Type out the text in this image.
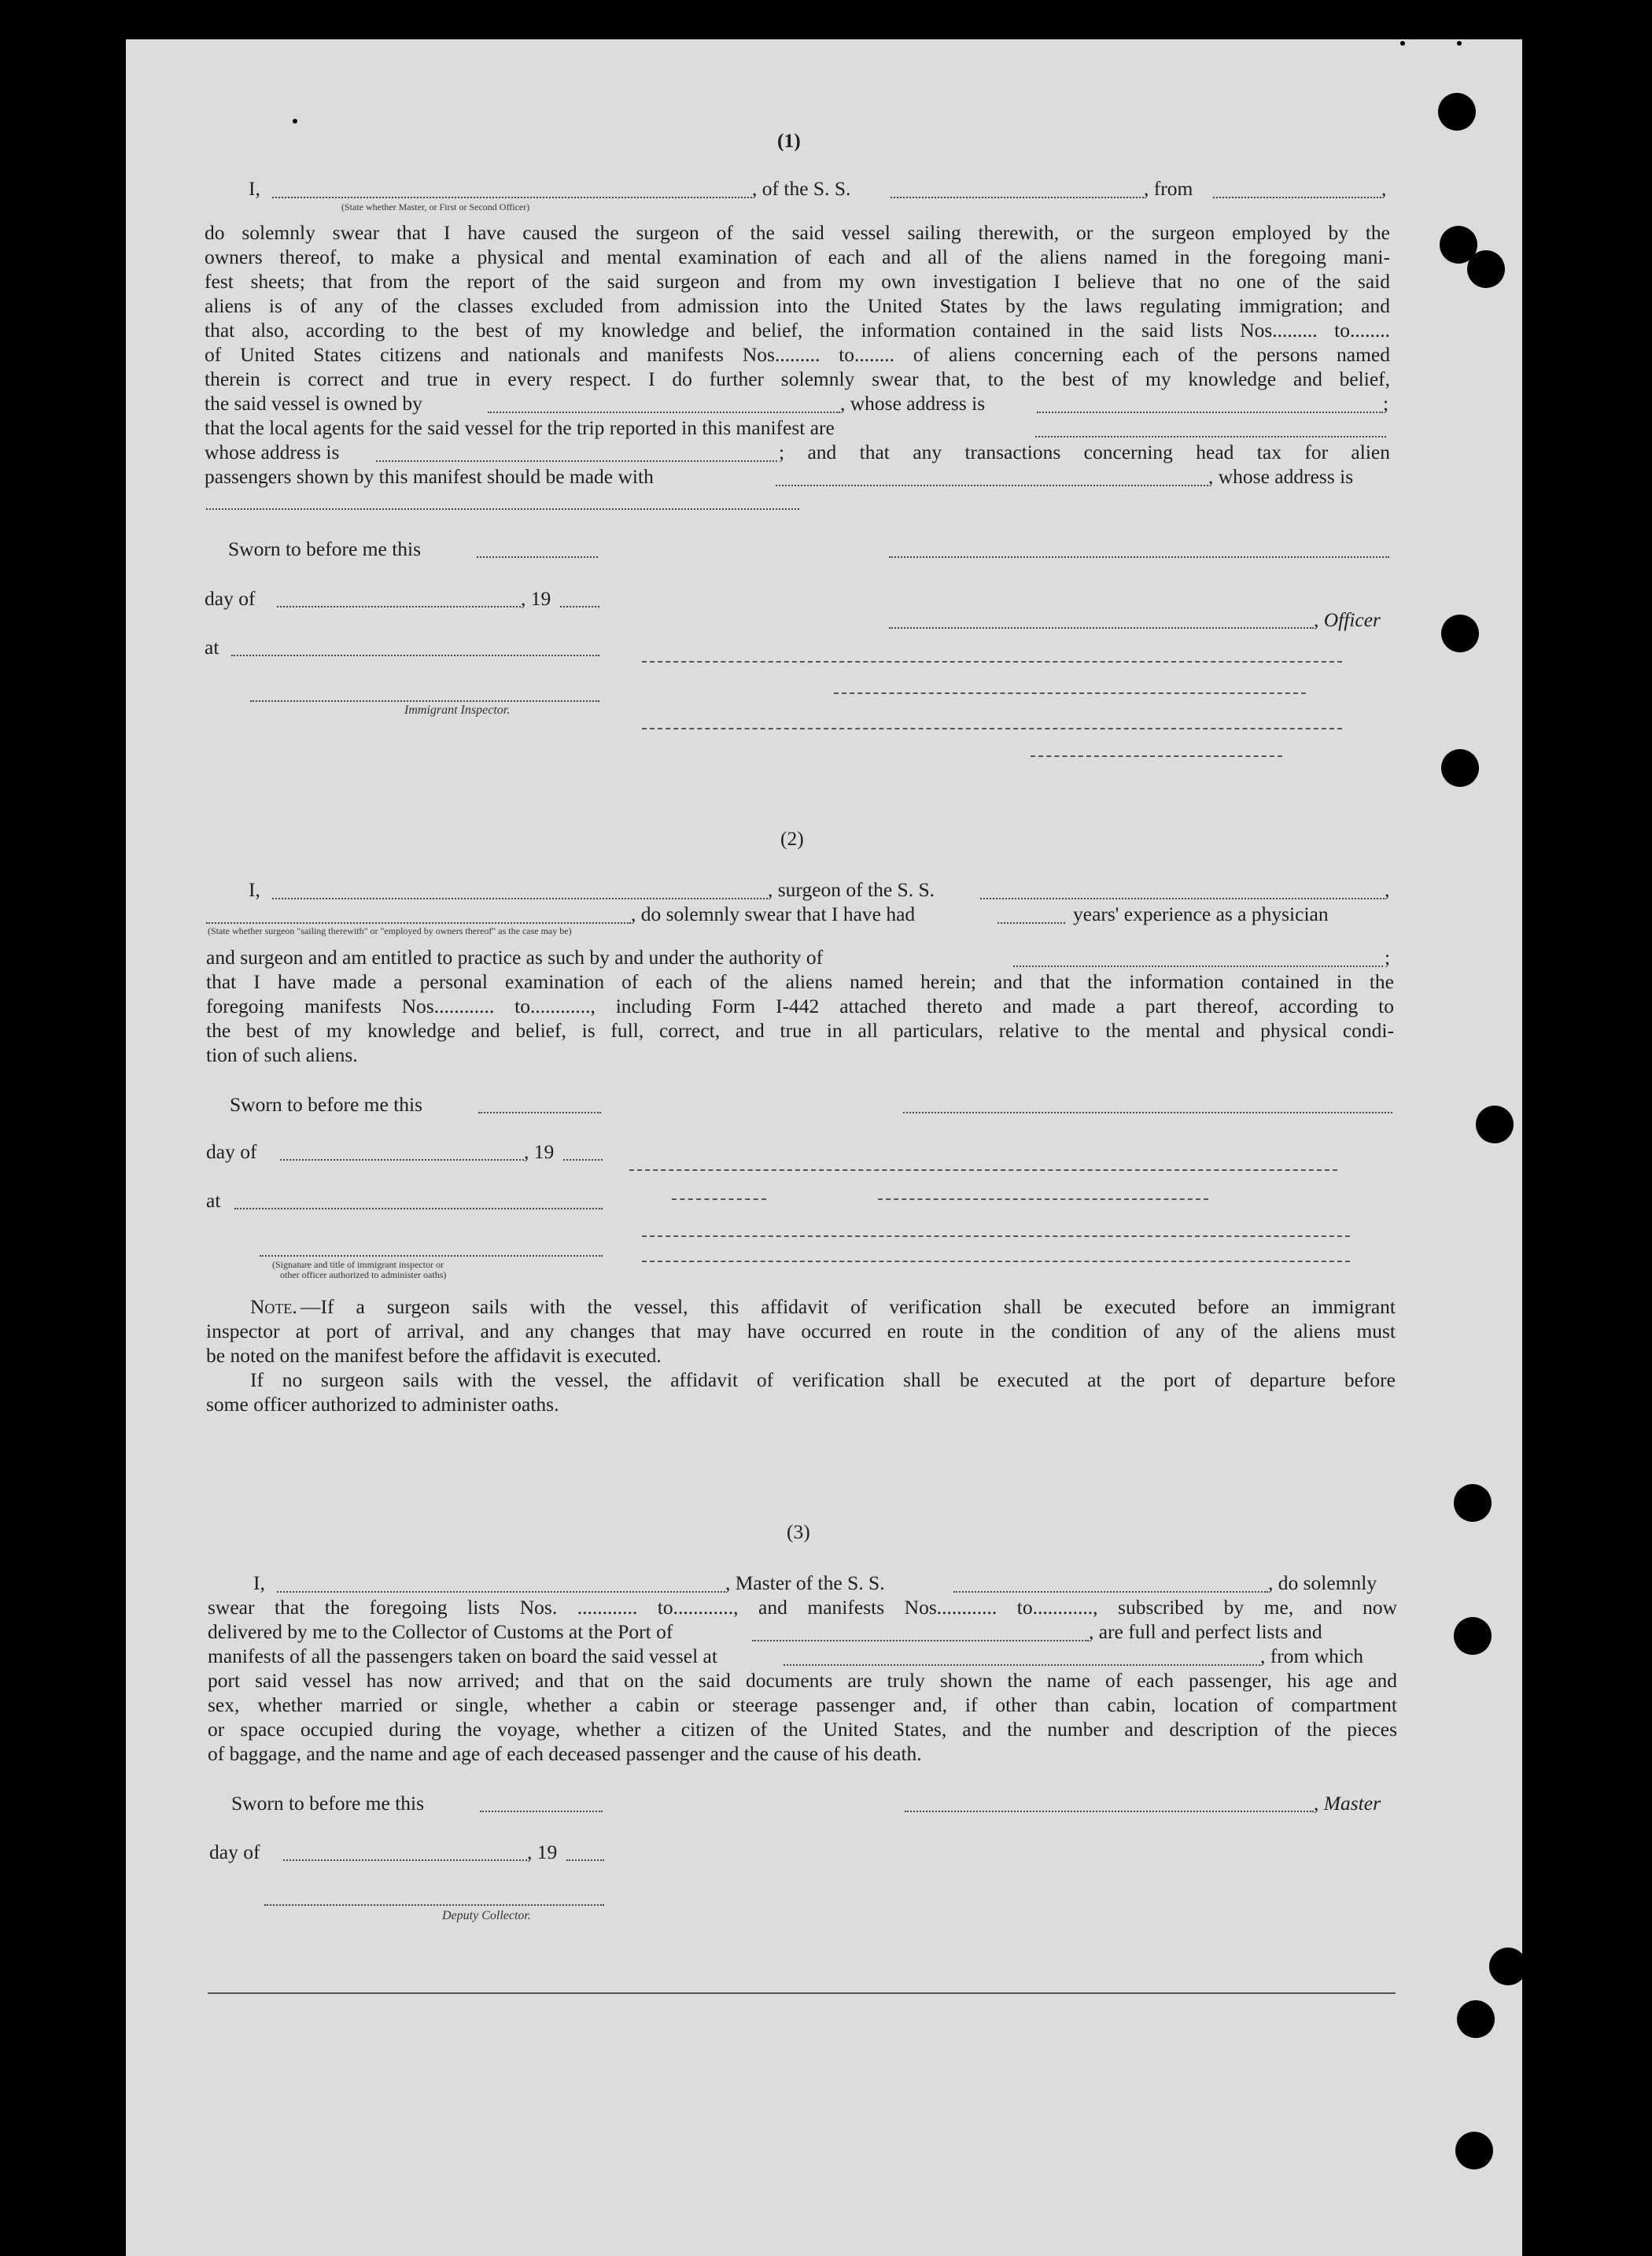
(1)
I,	, of the S. S.	, from	,
(State whether Master, or First or Second Officer)
do solemnly swear that I have caused the surgeon of the said vessel sailing therewith, or the surgeon employed by the
owners thereof, to make a physical and mental examination of each and all of the aliens named in the foregoing mani-
fest sheets; that from the report of the said surgeon and from my own investigation I believe that no one of the said
aliens is of any of the classes excluded from admission into the United States by the laws regulating immigration; and
that also, according to the best of my knowledge and belief, the information contained in the said lists Nos......... to........
of United States citizens and nationals and manifests Nos......... to........ of aliens concerning each of the persons named
therein is correct and true in every respect. I do further solemnly swear that, to the best of my knowledge and belief,
the said vessel is owned by	, whose address is	;
that the local agents for the said vessel for the trip reported in this manifest are
whose address is	; and that any transactions concerning head tax for alien
passengers shown by this manifest should be made with	, whose address is
Sworn to before me this
day of	, 19
, Officer
at
Immigrant Inspector.
(2)
I,	, surgeon of the S. S.	,
, do solemnly swear that I have had	years' experience as a physician
(State whether surgeon "sailing therewith" or "employed by owners thereof" as the case may be)
and surgeon and am entitled to practice as such by and under the authority of	;
that I have made a personal examination of each of the aliens named herein; and that the information contained in the
foregoing manifests Nos............ to............, including Form I-442 attached thereto and made a part thereof, according to
the best of my knowledge and belief, is full, correct, and true in all particulars, relative to the mental and physical condi-
tion of such aliens.
Sworn to before me this
day of	, 19
at
(Signature and title of immigrant inspector or
other officer authorized to administer oaths)
Note. —If a surgeon sails with the vessel, this affidavit of verification shall be executed before an immigrant
inspector at port of arrival, and any changes that may have occurred en route in the condition of any of the aliens must
be noted on the manifest before the affidavit is executed.
If no surgeon sails with the vessel, the affidavit of verification shall be executed at the port of departure before
some officer authorized to administer oaths.
(3)
I,	, Master of the S. S.	, do solemnly
swear that the foregoing lists Nos. ............ to............, and manifests Nos............ to............, subscribed by me, and now
delivered by me to the Collector of Customs at the Port of	, are full and perfect lists and
manifests of all the passengers taken on board the said vessel at	, from which
port said vessel has now arrived; and that on the said documents are truly shown the name of each passenger, his age and
sex, whether married or single, whether a cabin or steerage passenger and, if other than cabin, location of compartment
or space occupied during the voyage, whether a citizen of the United States, and the number and description of the pieces
of baggage, and the name and age of each deceased passenger and the cause of his death.
Sworn to before me this	, Master
day of	, 19
Deputy Collector.
